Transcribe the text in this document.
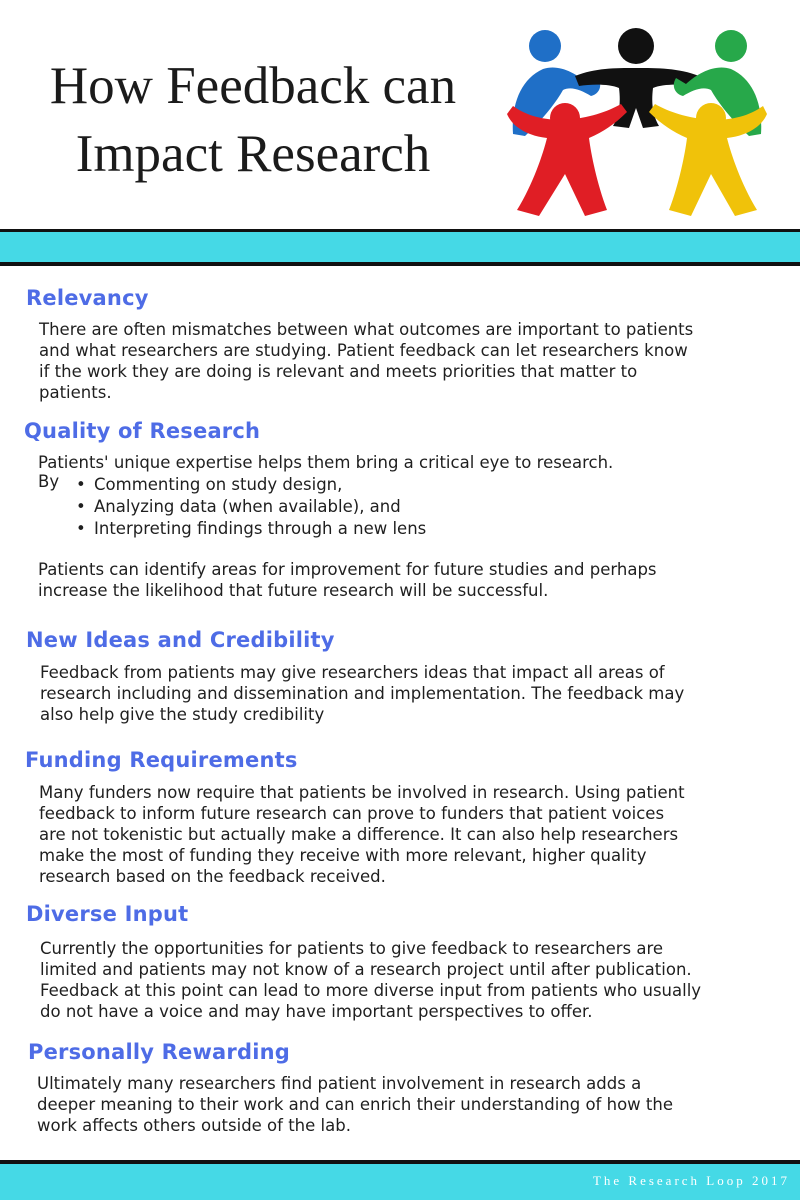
How Feedback can
Impact Research
Relevancy

There are often mismatches between what outcomes are important to patients

and what researchers are studying. Patient feedback can let researchers know

if the work they are doing is relevant and meets priorities that matter to

patients.

Quality of Research

Patients' unique expertise helps them bring a critical eye to research.

By

•	Commenting on study design,
• Analyzing data (when available), and
• Interpreting findings through a new lens

Patients can identify areas for improvement for future studies and perhaps

increase the likelihood that future research will be successful.

New Ideas and Credibility

Feedback from patients may give researchers ideas that impact all areas of

research including and dissemination and implementation. The feedback may

also help give the study credibility

Funding Requirements

Many funders now require that patients be involved in research. Using patient

feedback to inform future research can prove to funders that patient voices

are not tokenistic but actually make a difference. It can also help researchers

make the most of funding they receive with more relevant, higher quality

research based on the feedback received.

Diverse Input

Currently the opportunities for patients to give feedback to researchers are

limited and patients may not know of a research project until after publication.

Feedback at this point can lead to more diverse input from patients who usually

do not have a voice and may have important perspectives to offer.

Personally Rewarding

Ultimately many researchers find patient involvement in research adds a

deeper meaning to their work and can enrich their understanding of how the

work affects others outside of the lab.

The Research Loop 2017
